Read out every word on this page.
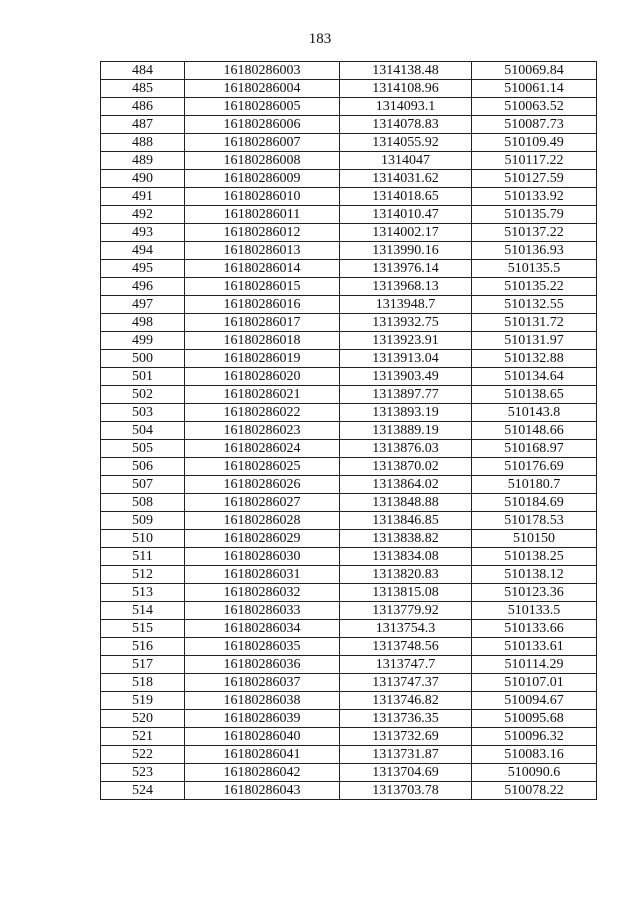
183
484	16180286003	1314138.48	510069.84
485	16180286004	1314108.96	510061.14
486	16180286005	1314093.1	510063.52
487	16180286006	1314078.83	510087.73
488	16180286007	1314055.92	510109.49
489	16180286008	1314047	510117.22
490	16180286009	1314031.62	510127.59
491	16180286010	1314018.65	510133.92
492	16180286011	1314010.47	510135.79
493	16180286012	1314002.17	510137.22
494	16180286013	1313990.16	510136.93
495	16180286014	1313976.14	510135.5
496	16180286015	1313968.13	510135.22
497	16180286016	1313948.7	510132.55
498	16180286017	1313932.75	510131.72
499	16180286018	1313923.91	510131.97
500	16180286019	1313913.04	510132.88
501	16180286020	1313903.49	510134.64
502	16180286021	1313897.77	510138.65
503	16180286022	1313893.19	510143.8
504	16180286023	1313889.19	510148.66
505	16180286024	1313876.03	510168.97
506	16180286025	1313870.02	510176.69
507	16180286026	1313864.02	510180.7
508	16180286027	1313848.88	510184.69
509	16180286028	1313846.85	510178.53
510	16180286029	1313838.82	510150
511	16180286030	1313834.08	510138.25
512	16180286031	1313820.83	510138.12
513	16180286032	1313815.08	510123.36
514	16180286033	1313779.92	510133.5
515	16180286034	1313754.3	510133.66
516	16180286035	1313748.56	510133.61
517	16180286036	1313747.7	510114.29
518	16180286037	1313747.37	510107.01
519	16180286038	1313746.82	510094.67
520	16180286039	1313736.35	510095.68
521	16180286040	1313732.69	510096.32
522	16180286041	1313731.87	510083.16
523	16180286042	1313704.69	510090.6
524	16180286043	1313703.78	510078.22
